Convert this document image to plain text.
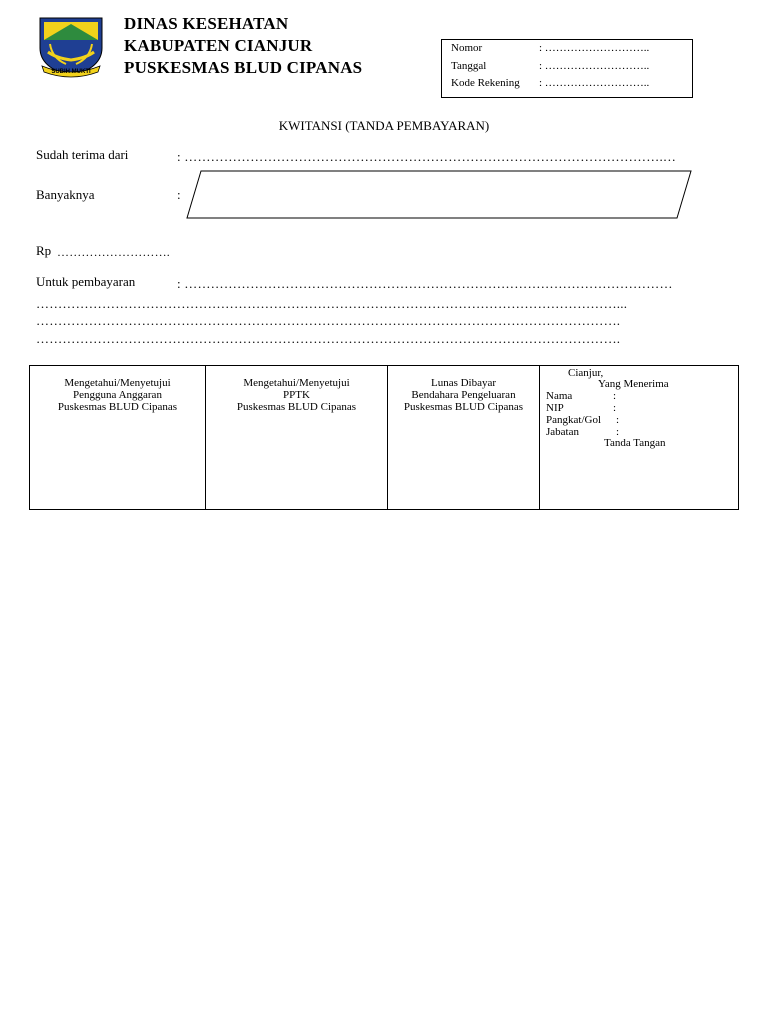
SUBIH MUKTI
DINAS KESEHATAN
KABUPATEN CIANJUR
PUSKESMAS BLUD CIPANAS
Nomor	: ………………………..
Tanggal	: ………………………..
Kode Rekening : ………………………..
KWITANSI (TANDA PEMBAYARAN)
Sudah terima dari	: ……………………………………………………………………………………………….…
Banyaknya	:
Rp ……………………….
Untuk pembayaran	: …………………………………………………………………………………………………
……………………………………………………………………………………………………………………...
…………………………………………………………………………………………………………………….
…………………………………………………………………………………………………………………….
Mengetahui/Menyetujui
Pengguna Anggaran
Puskesmas BLUD Cipanas
Mengetahui/Menyetujui
PPTK
Puskesmas BLUD Cipanas
Lunas Dibayar
Bendahara Pengeluaran
Puskesmas BLUD Cipanas
Cianjur,
Yang Menerima
Nama	:
NIP	:
Pangkat/Gol :
Jabatan	:
Tanda Tangan
